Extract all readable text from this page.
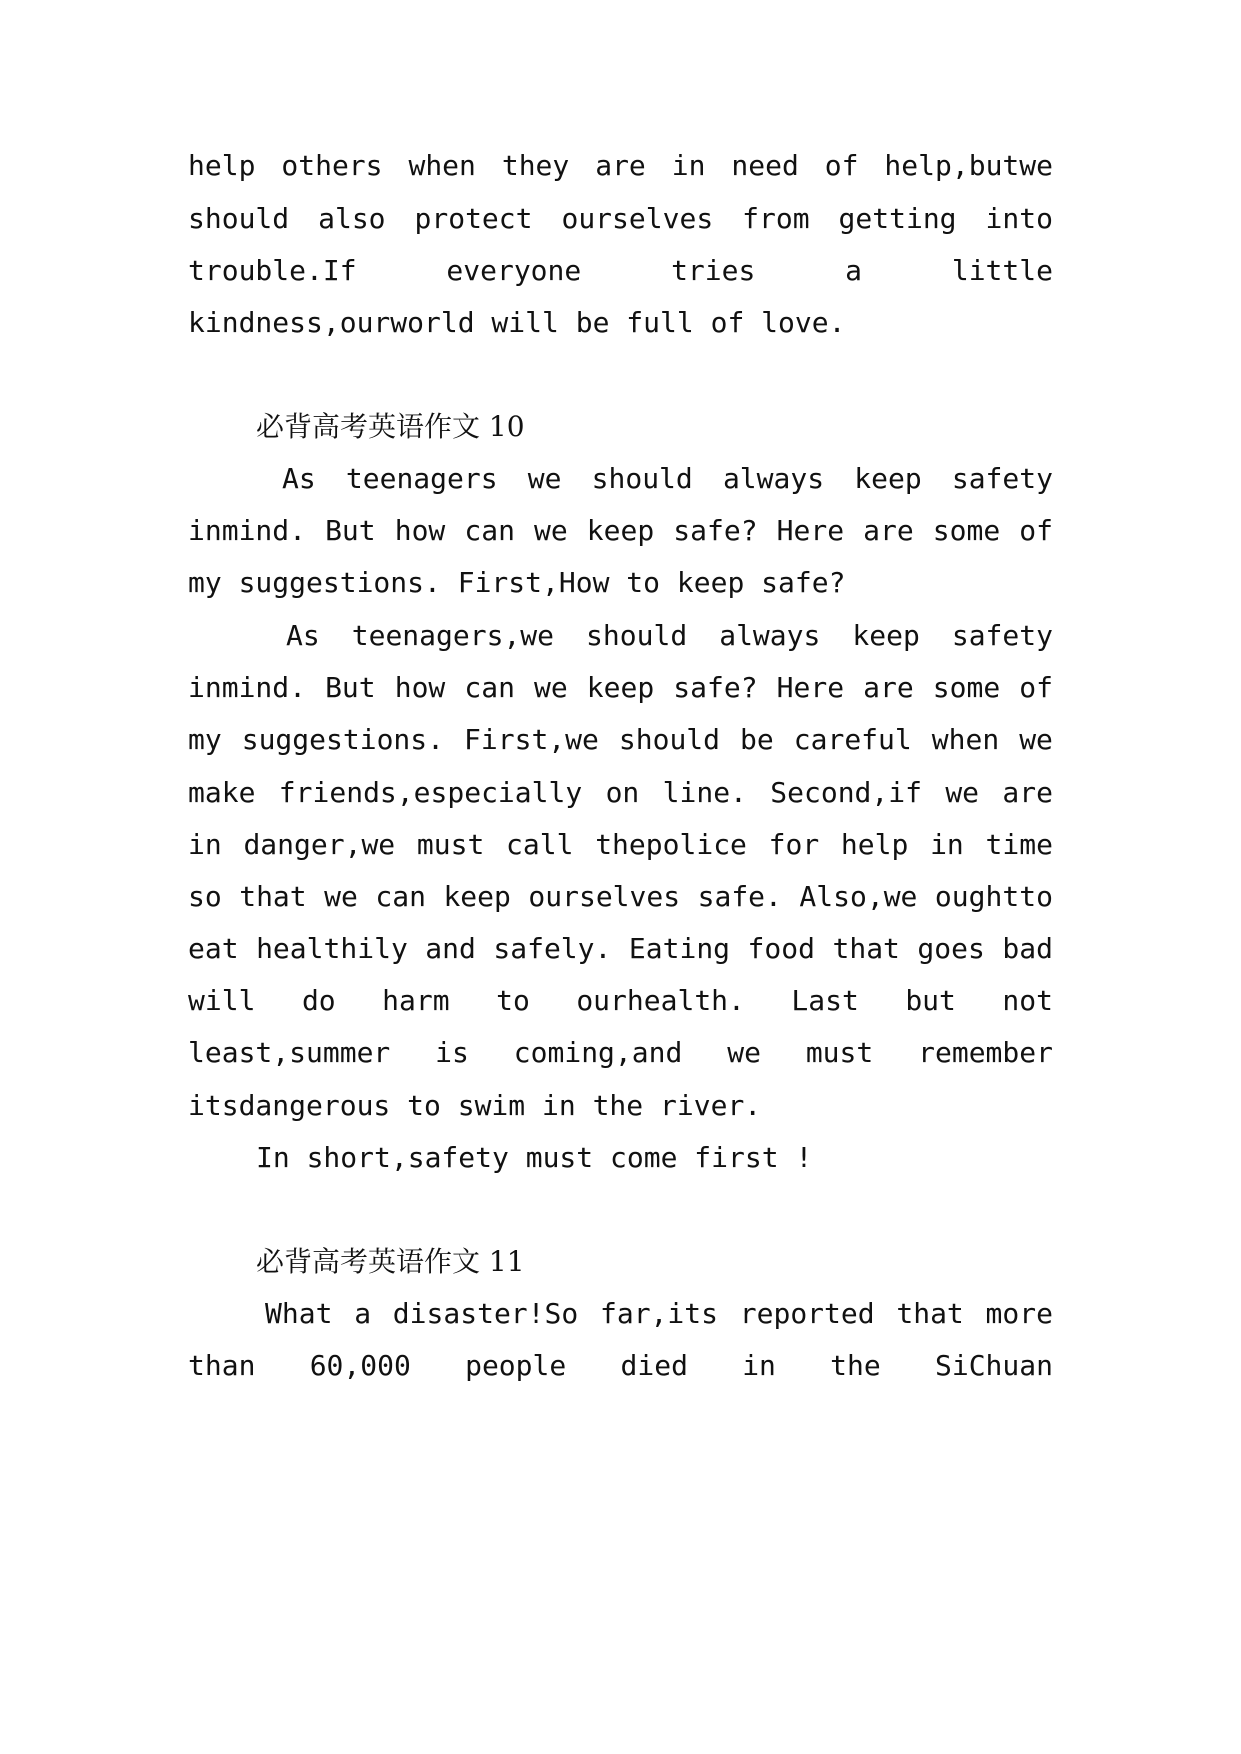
help others when they are in need of help,butwe
should also protect ourselves from getting into
trouble.If	everyone	tries	a	little
kindness,ourworld will be full of love.
必背高考英语作文 10
As teenagers we should always keep safety
inmind. But how can we keep safe? Here are some of
my suggestions. First,How to keep safe?
As teenagers,we should always keep safety
inmind. But how can we keep safe? Here are some of
my suggestions. First,we should be careful when we
make friends,especially on line. Second,if we are
in danger,we must call thepolice for help in time
so that we can keep ourselves safe. Also,we oughtto
eat healthily and safely. Eating food that goes bad
will do harm to ourhealth. Last but not
least,summer is coming,and we must remember
itsdangerous to swim in the river.
In short,safety must come first !
必背高考英语作文 11
What a disaster!So far,its reported that more
than 60,000 people died in the SiChuan
